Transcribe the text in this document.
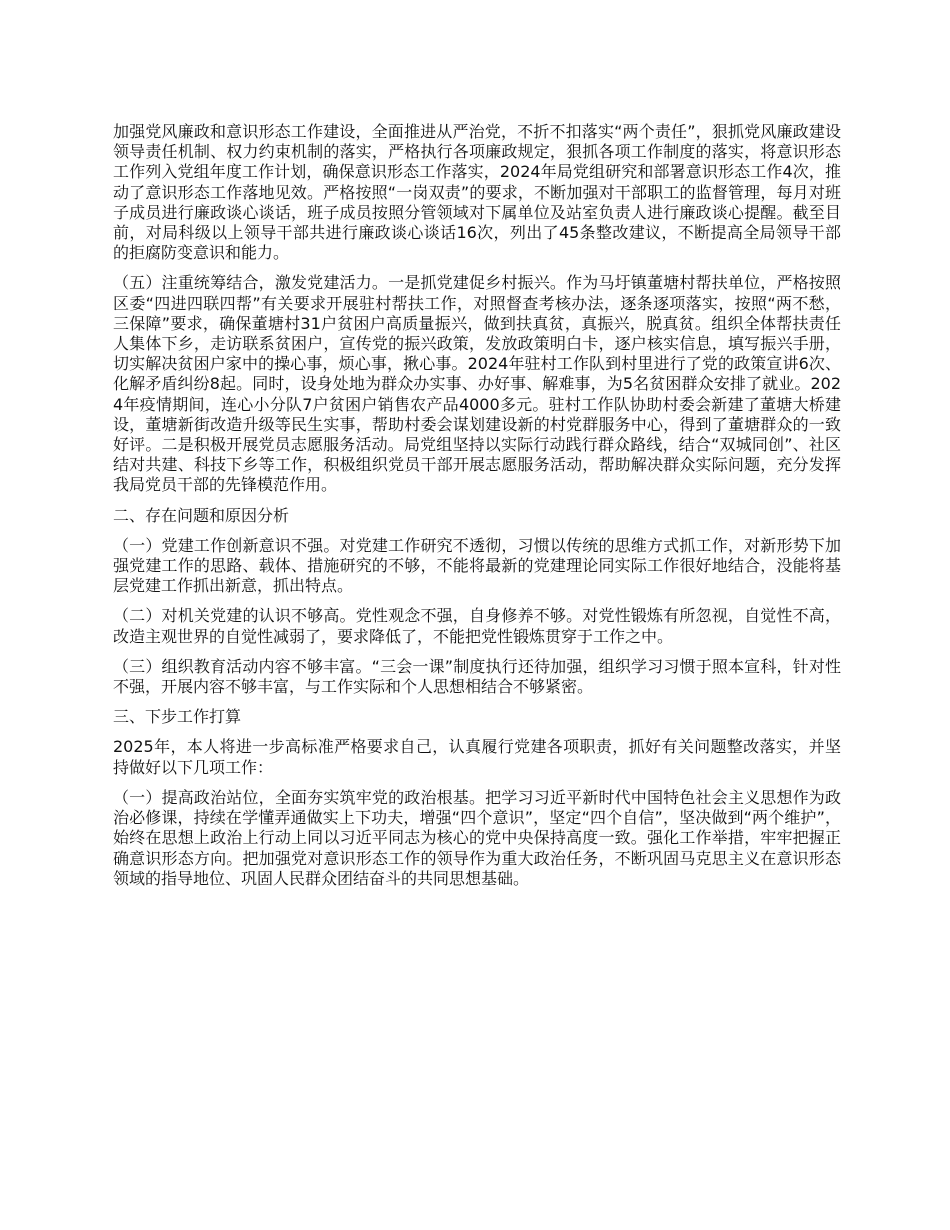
加强党风廉政和意识形态工作建设，全面推进从严治党，不折不扣落实“两个责任”，狠抓党风廉政建设领导责任机制、权力约束机制的落实，严格执行各项廉政规定，狠抓各项工作制度的落实，将意识形态工作列入党组年度工作计划，确保意识形态工作落实，2024年局党组研究和部署意识形态工作4次，推动了意识形态工作落地见效。严格按照“一岗双责”的要求，不断加强对干部职工的监督管理，每月对班子成员进行廉政谈心谈话，班子成员按照分管领域对下属单位及站室负责人进行廉政谈心提醒。截至目前，对局科级以上领导干部共进行廉政谈心谈话16次，列出了45条整改建议，不断提高全局领导干部的拒腐防变意识和能力。

（五）注重统筹结合，激发党建活力。一是抓党建促乡村振兴。作为马圩镇董塘村帮扶单位，严格按照区委“四进四联四帮”有关要求开展驻村帮扶工作，对照督查考核办法，逐条逐项落实，按照“两不愁，三保障”要求，确保董塘村31户贫困户高质量振兴，做到扶真贫，真振兴，脱真贫。组织全体帮扶责任人集体下乡，走访联系贫困户，宣传党的振兴政策，发放政策明白卡，逐户核实信息，填写振兴手册，切实解决贫困户家中的操心事，烦心事，揪心事。2024年驻村工作队到村里进行了党的政策宣讲6次、化解矛盾纠纷8起。同时，设身处地为群众办实事、办好事、解难事，为5名贫困群众安排了就业。2024年疫情期间，连心小分队7户贫困户销售农产品4000多元。驻村工作队协助村委会新建了董塘大桥建设，董塘新街改造升级等民生实事，帮助村委会谋划建设新的村党群服务中心，得到了董塘群众的一致好评。二是积极开展党员志愿服务活动。局党组坚持以实际行动践行群众路线，结合“双城同创”、社区结对共建、科技下乡等工作，积极组织党员干部开展志愿服务活动，帮助解决群众实际问题，充分发挥我局党员干部的先锋模范作用。

二、存在问题和原因分析

（一）党建工作创新意识不强。对党建工作研究不透彻，习惯以传统的思维方式抓工作，对新形势下加强党建工作的思路、载体、措施研究的不够，不能将最新的党建理论同实际工作很好地结合，没能将基层党建工作抓出新意，抓出特点。

（二）对机关党建的认识不够高。党性观念不强，自身修养不够。对党性锻炼有所忽视，自觉性不高，改造主观世界的自觉性减弱了，要求降低了，不能把党性锻炼贯穿于工作之中。

（三）组织教育活动内容不够丰富。“三会一课”制度执行还待加强，组织学习习惯于照本宣科，针对性不强，开展内容不够丰富，与工作实际和个人思想相结合不够紧密。

三、下步工作打算

2025年，本人将进一步高标准严格要求自己，认真履行党建各项职责，抓好有关问题整改落实，并坚持做好以下几项工作：

（一）提高政治站位，全面夯实筑牢党的政治根基。把学习习近平新时代中国特色社会主义思想作为政治必修课，持续在学懂弄通做实上下功夫，增强“四个意识”，坚定“四个自信”，坚决做到“两个维护”，始终在思想上政治上行动上同以习近平同志为核心的党中央保持高度一致。强化工作举措，牢牢把握正确意识形态方向。把加强党对意识形态工作的领导作为重大政治任务，不断巩固马克思主义在意识形态领域的指导地位、巩固人民群众团结奋斗的共同思想基础。
